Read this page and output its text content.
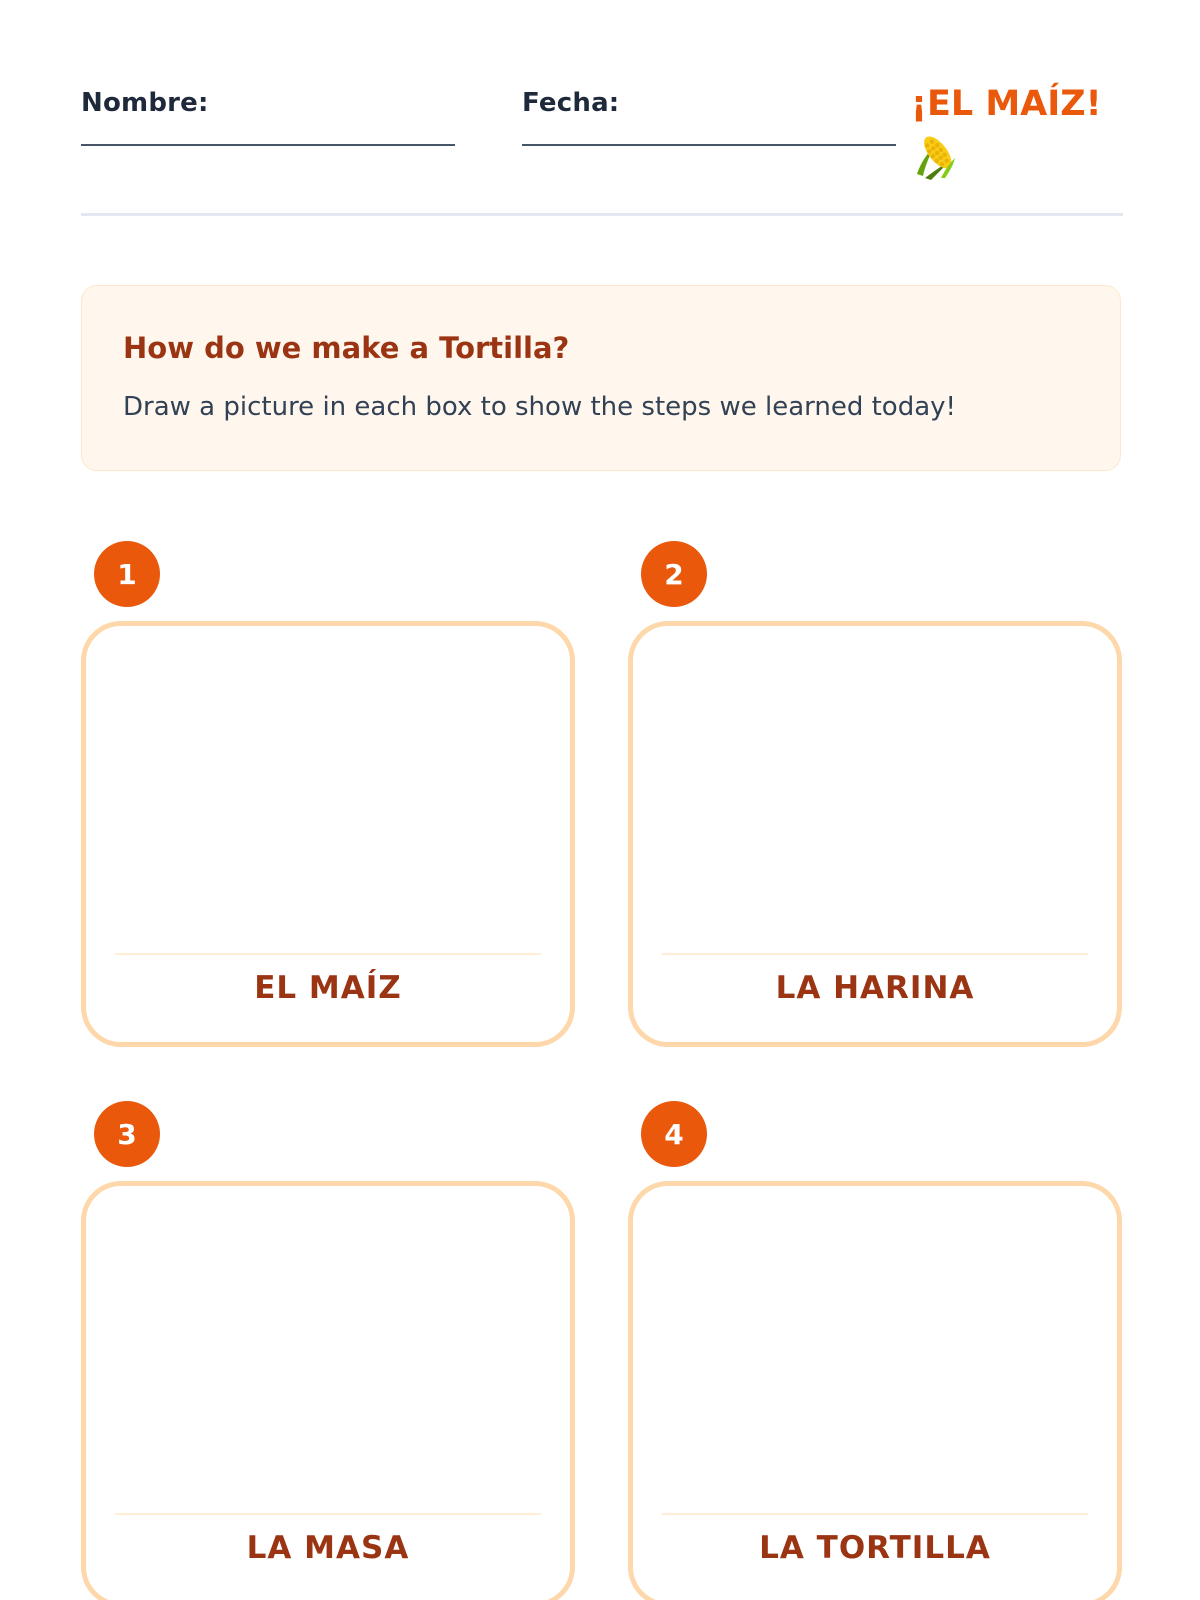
Nombre:	Fecha:	¡EL MAÍZ!
How do we make a Tortilla?

Draw a picture in each box to show the steps we learned today!

1
EL MAÍZ
2
LA HARINA
3
LA MASA
4
LA TORTILLA
